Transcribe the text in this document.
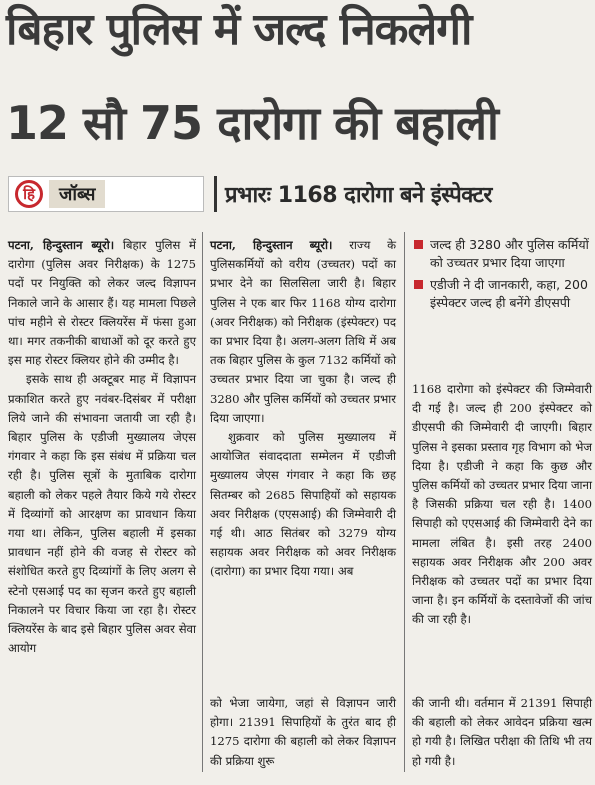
बिहार पुलिस में जल्द निकलेगी
12 सौ 75 दारोगा की बहाली
हि	जॉब्स	प्रभारः 1168 दारोगा बने इंस्पेक्टर

पटना, हिन्दुस्तान ब्यूरो। बिहार पुलिस में दारोगा (पुलिस अवर निरीक्षक) के 1275 पदों पर नियुक्ति को लेकर जल्द विज्ञापन निकाले जाने के आसार हैं। यह मामला पिछले पांच महीने से रोस्टर क्लियरेंस में फंसा हुआ था। मगर तकनीकी बाधाओं को दूर करते हुए इस माह रोस्टर क्लियर होने की उम्मीद है।

इसके साथ ही अक्टूबर माह में विज्ञापन प्रकाशित करते हुए नवंबर-दिसंबर में परीक्षा लिये जाने की संभावना जतायी जा रही है। बिहार पुलिस के एडीजी मुख्यालय जेएस गंगवार ने कहा कि इस संबंध में प्रक्रिया चल रही है। पुलिस सूत्रों के मुताबिक दारोगा बहाली को लेकर पहले तैयार किये गये रोस्टर में दिव्यांगों को आरक्षण का प्रावधान किया गया था। लेकिन, पुलिस बहाली में इसका प्रावधान नहीं होने की वजह से रोस्टर को संशोधित करते हुए दिव्यांगों के लिए अलग से स्टेनो एसआई पद का सृजन करते हुए बहाली निकालने पर विचार किया जा रहा है। रोस्टर क्लियरेंस के बाद इसे बिहार पुलिस अवर सेवा आयोग

पटना, हिन्दुस्तान ब्यूरो। राज्य के पुलिसकर्मियों को वरीय (उच्चतर) पदों का प्रभार देने का सिलसिला जारी है। बिहार पुलिस ने एक बार फिर 1168 योग्य दारोगा (अवर निरीक्षक) को निरीक्षक (इंस्पेक्टर) पद का प्रभार दिया है। अलग-अलग तिथि में अब तक बिहार पुलिस के कुल 7132 कर्मियों को उच्चतर प्रभार दिया जा चुका है। जल्द ही 3280 और पुलिस कर्मियों को उच्चतर प्रभार दिया जाएगा।

शुक्रवार को पुलिस मुख्यालय में आयोजित संवाददाता सम्मेलन में एडीजी मुख्यालय जेएस गंगवार ने कहा कि छह सितम्बर को 2685 सिपाहियों को सहायक अवर निरीक्षक (एएसआई) की जिम्मेवारी दी गई थी। आठ सितंबर को 3279 योग्य सहायक अवर निरीक्षक को अवर निरीक्षक (दारोगा) का प्रभार दिया गया। अब

जल्द ही 3280 और पुलिस कर्मियों को उच्चतर प्रभार दिया जाएगा
एडीजी ने दी जानकारी, कहा, 200 इंस्पेक्टर जल्द ही बनेंगे डीएसपी

1168 दारोगा को इंस्पेक्टर की जिम्मेवारी दी गई है। जल्द ही 200 इंस्पेक्टर को डीएसपी की जिम्मेवारी दी जाएगी। बिहार पुलिस ने इसका प्रस्ताव गृह विभाग को भेज दिया है। एडीजी ने कहा कि कुछ और पुलिस कर्मियों को उच्चतर प्रभार दिया जाना है जिसकी प्रक्रिया चल रही है। 1400 सिपाही को एएसआई की जिम्मेवारी देने का मामला लंबित है। इसी तरह 2400 सहायक अवर निरीक्षक और 200 अवर निरीक्षक को उच्चतर पदों का प्रभार दिया जाना है। इन कर्मियों के दस्तावेजों की जांच की जा रही है।

को भेजा जायेगा, जहां से विज्ञापन जारी होगा। 21391 सिपाहियों के तुरंत बाद ही 1275 दारोगा की बहाली को लेकर विज्ञापन की प्रक्रिया शुरू
की जानी थी। वर्तमान में 21391 सिपाही की बहाली को लेकर आवेदन प्रक्रिया खत्म हो गयी है। लिखित परीक्षा की तिथि भी तय हो गयी है।
